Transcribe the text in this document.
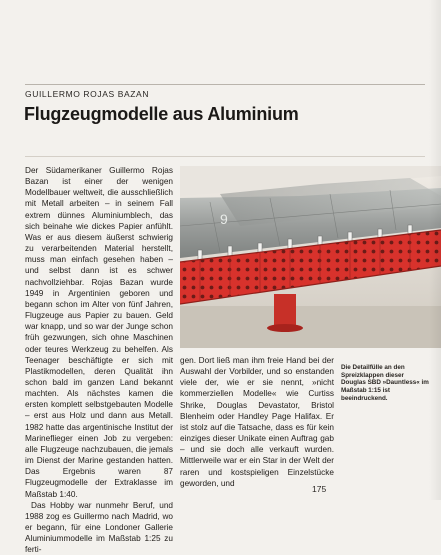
GUILLERMO ROJAS BAZAN
Flugzeugmodelle aus Aluminium

Der Südamerikaner Guillermo Rojas Bazan ist einer der wenigen Modellbauer weltweit, die ausschließlich mit Metall arbeiten – in seinem Fall extrem dünnes Aluminiumblech, das sich beinahe wie dickes Papier anfühlt. Was er aus diesem äußerst schwierig zu verarbeitenden Material herstellt, muss man einfach gesehen haben – und selbst dann ist es schwer nachvollziehbar. Rojas Bazan wurde 1949 in Argentinien geboren und begann schon im Alter von fünf Jahren, Flugzeuge aus Papier zu bauen. Geld war knapp, und so war der Junge schon früh gezwungen, sich ohne Maschinen oder teures Werkzeug zu behelfen. Als Teenager beschäftigte er sich mit Plastikmodellen, deren Qualität ihn schon bald im ganzen Land bekannt machten. Als nächstes kamen die ersten komplett selbstgebauten Modelle – erst aus Holz und dann aus Metall. 1982 hatte das argentinische Institut der Marineflieger einen Job zu vergeben: alle Flugzeuge nachzubauen, die jemals im Dienst der Marine gestanden hatten. Das Ergebnis waren 87 Flugzeugmodelle der Extraklasse im Maßstab 1:40.

Das Hobby war nunmehr Beruf, und 1988 zog es Guillermo nach Madrid, wo er begann, für eine Londoner Gallerie Aluminiummodelle im Maßstab 1:25 zu ferti-

9

gen. Dort ließ man ihm freie Hand bei der Auswahl der Vorbilder, und so enstanden viele der, wie er sie nennt, »nicht kommerziellen Modelle« wie Curtiss Shrike, Douglas Devastator, Bristol Blenheim oder Handley Page Halifax. Er ist stolz auf die Tatsache, dass es für kein einziges dieser Unikate einen Auftrag gab – und sie doch alle verkauft wurden. Mittlerweile war er ein Star in der Welt der raren und kostspieligen Einzelstücke geworden, und

Die Detailfülle an den Spreizklappen dieser Douglas SBD »Dauntless« im Maßstab 1:15 ist beeindruckend.
175
